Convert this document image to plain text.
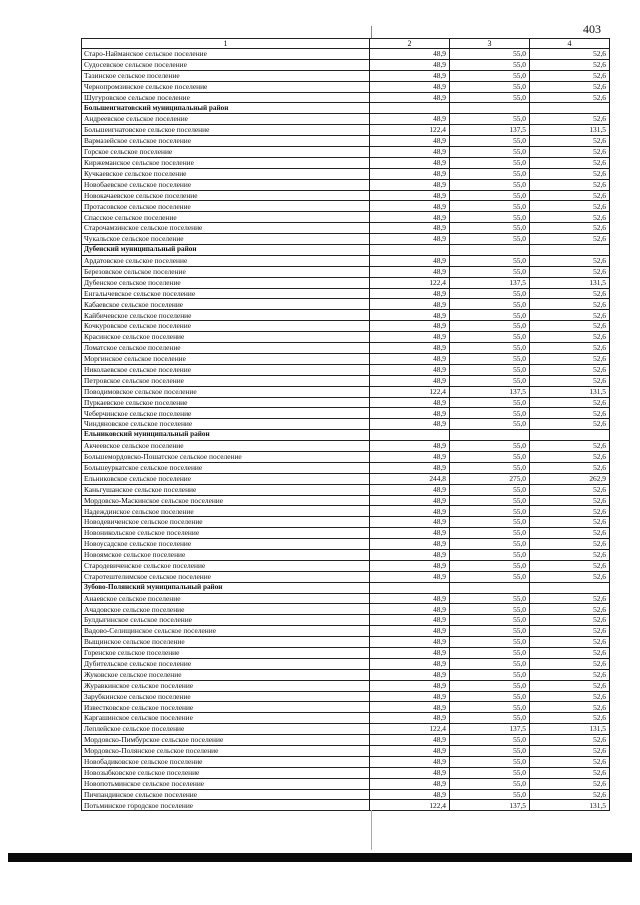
403
1	2	3	4
Старо-Найманское сельское поселение	48,9	55,0	52,6
Судосевское сельское поселение	48,9	55,0	52,6
Тазинское сельское поселение	48,9	55,0	52,6
Чернопромзинское сельское поселение	48,9	55,0	52,6
Шугуровское сельское поселение	48,9	55,0	52,6
Большеигнатовский муниципальный район			
Андреевское сельское поселение	48,9	55,0	52,6
Большеигнатовское сельское поселение	122,4	137,5	131,5
Вармазейское сельское поселение	48,9	55,0	52,6
Горское сельское поселение	48,9	55,0	52,6
Киржеманское сельское поселение	48,9	55,0	52,6
Кучкаевское сельское поселение	48,9	55,0	52,6
Новобаевское сельское поселение	48,9	55,0	52,6
Новокачаевское сельское поселение	48,9	55,0	52,6
Протасовское сельское поселение	48,9	55,0	52,6
Спасское сельское поселение	48,9	55,0	52,6
Старочамзинское сельское поселение	48,9	55,0	52,6
Чукальское сельское поселение	48,9	55,0	52,6
Дубенский муниципальный район			
Ардатовское сельское поселение	48,9	55,0	52,6
Березовское сельское поселение	48,9	55,0	52,6
Дубенское сельское поселение	122,4	137,5	131,5
Енгалычевское сельское поселение	48,9	55,0	52,6
Кабаевское сельское поселение	48,9	55,0	52,6
Кайбичевское сельское поселение	48,9	55,0	52,6
Кочкуровское сельское поселение	48,9	55,0	52,6
Красинское сельское поселение	48,9	55,0	52,6
Ломатское сельское поселение	48,9	55,0	52,6
Моргинское сельское поселение	48,9	55,0	52,6
Николаевское сельское поселение	48,9	55,0	52,6
Петровское сельское поселение	48,9	55,0	52,6
Поводимовское сельское поселение	122,4	137,5	131,5
Пуркаевское сельское поселение	48,9	55,0	52,6
Чеберчинское сельское поселение	48,9	55,0	52,6
Чиндяновское сельское поселение	48,9	55,0	52,6
Ельниковский муниципальный район			
Акчеевское сельское поселение	48,9	55,0	52,6
Большемордовско-Пошатское сельское поселение	48,9	55,0	52,6
Большеуркатское сельское поселение	48,9	55,0	52,6
Ельниковское сельское поселение	244,8	275,0	262,9
Каньгушанское сельское поселение	48,9	55,0	52,6
Мордовско-Маскинское сельское поселение	48,9	55,0	52,6
Надеждинское сельское поселение	48,9	55,0	52,6
Новодевиченское сельское поселение	48,9	55,0	52,6
Новоникольское сельское поселение	48,9	55,0	52,6
Новоусадское сельское поселение	48,9	55,0	52,6
Новоямское сельское поселение	48,9	55,0	52,6
Стародевиченское сельское поселение	48,9	55,0	52,6
Старотештелимское сельское поселение	48,9	55,0	52,6
Зубово-Полянский муниципальный район			
Анаевское сельское поселение	48,9	55,0	52,6
Ачадовское сельское поселение	48,9	55,0	52,6
Булдыгинское сельское поселение	48,9	55,0	52,6
Вадово-Селищинское сельское поселение	48,9	55,0	52,6
Выщинское сельское поселение	48,9	55,0	52,6
Горенское сельское поселение	48,9	55,0	52,6
Дубительское сельское поселение	48,9	55,0	52,6
Жуковское сельское поселение	48,9	55,0	52,6
Журавкинское сельское поселение	48,9	55,0	52,6
Зарубкинское сельское поселение	48,9	55,0	52,6
Известковское сельское поселение	48,9	55,0	52,6
Каргашинское сельское поселение	48,9	55,0	52,6
Леплейское сельское поселение	122,4	137,5	131,5
Мордовско-Пимбурское сельское поселение	48,9	55,0	52,6
Мордовско-Полянское сельское поселение	48,9	55,0	52,6
Новобадиковское сельское поселение	48,9	55,0	52,6
Новозыбковское сельское поселение	48,9	55,0	52,6
Новопотьминское сельское поселение	48,9	55,0	52,6
Пичпандинское сельское поселение	48,9	55,0	52,6
Потьминское городское поселение	122,4	137,5	131,5
